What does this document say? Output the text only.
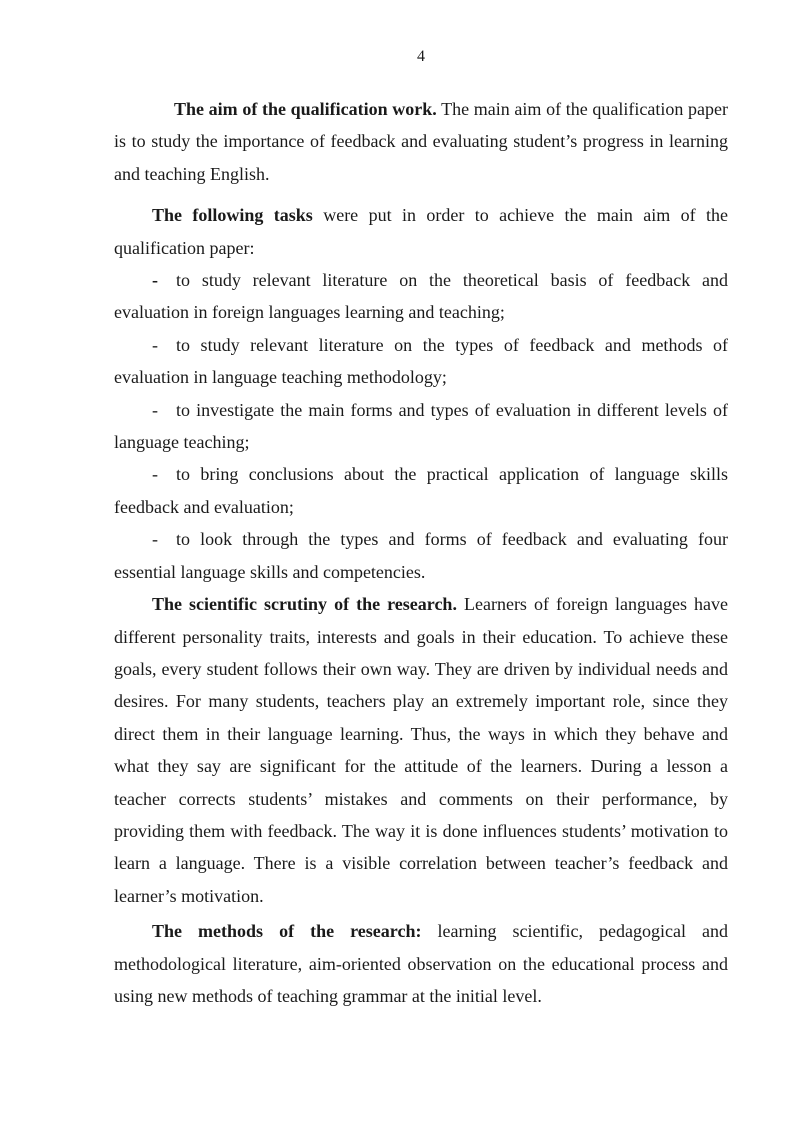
4

The aim of the qualification work. The main aim of the qualification paper is to study the importance of feedback and evaluating student’s progress in learning and teaching English.

The following tasks were put in order to achieve the main aim of the qualification paper:

- to study relevant literature on the theoretical basis of feedback and evaluation in foreign languages learning and teaching;

- to study relevant literature on the types of feedback and methods of evaluation in language teaching methodology;

- to investigate the main forms and types of evaluation in different levels of language teaching;

- to bring conclusions about the practical application of language skills feedback and evaluation;

- to look through the types and forms of feedback and evaluating four essential language skills and competencies.

The scientific scrutiny of the research. Learners of foreign languages have different personality traits, interests and goals in their education. To achieve these goals, every student follows their own way. They are driven by individual needs and desires. For many students, teachers play an extremely important role, since they direct them in their language learning. Thus, the ways in which they behave and what they say are significant for the attitude of the learners. During a lesson a teacher corrects students’ mistakes and comments on their performance, by providing them with feedback. The way it is done influences students’ motivation to learn a language. There is a visible correlation between teacher’s feedback and learner’s motivation.

The methods of the research: learning scientific, pedagogical and methodological literature, aim-oriented observation on the educational process and using new methods of teaching grammar at the initial level.
